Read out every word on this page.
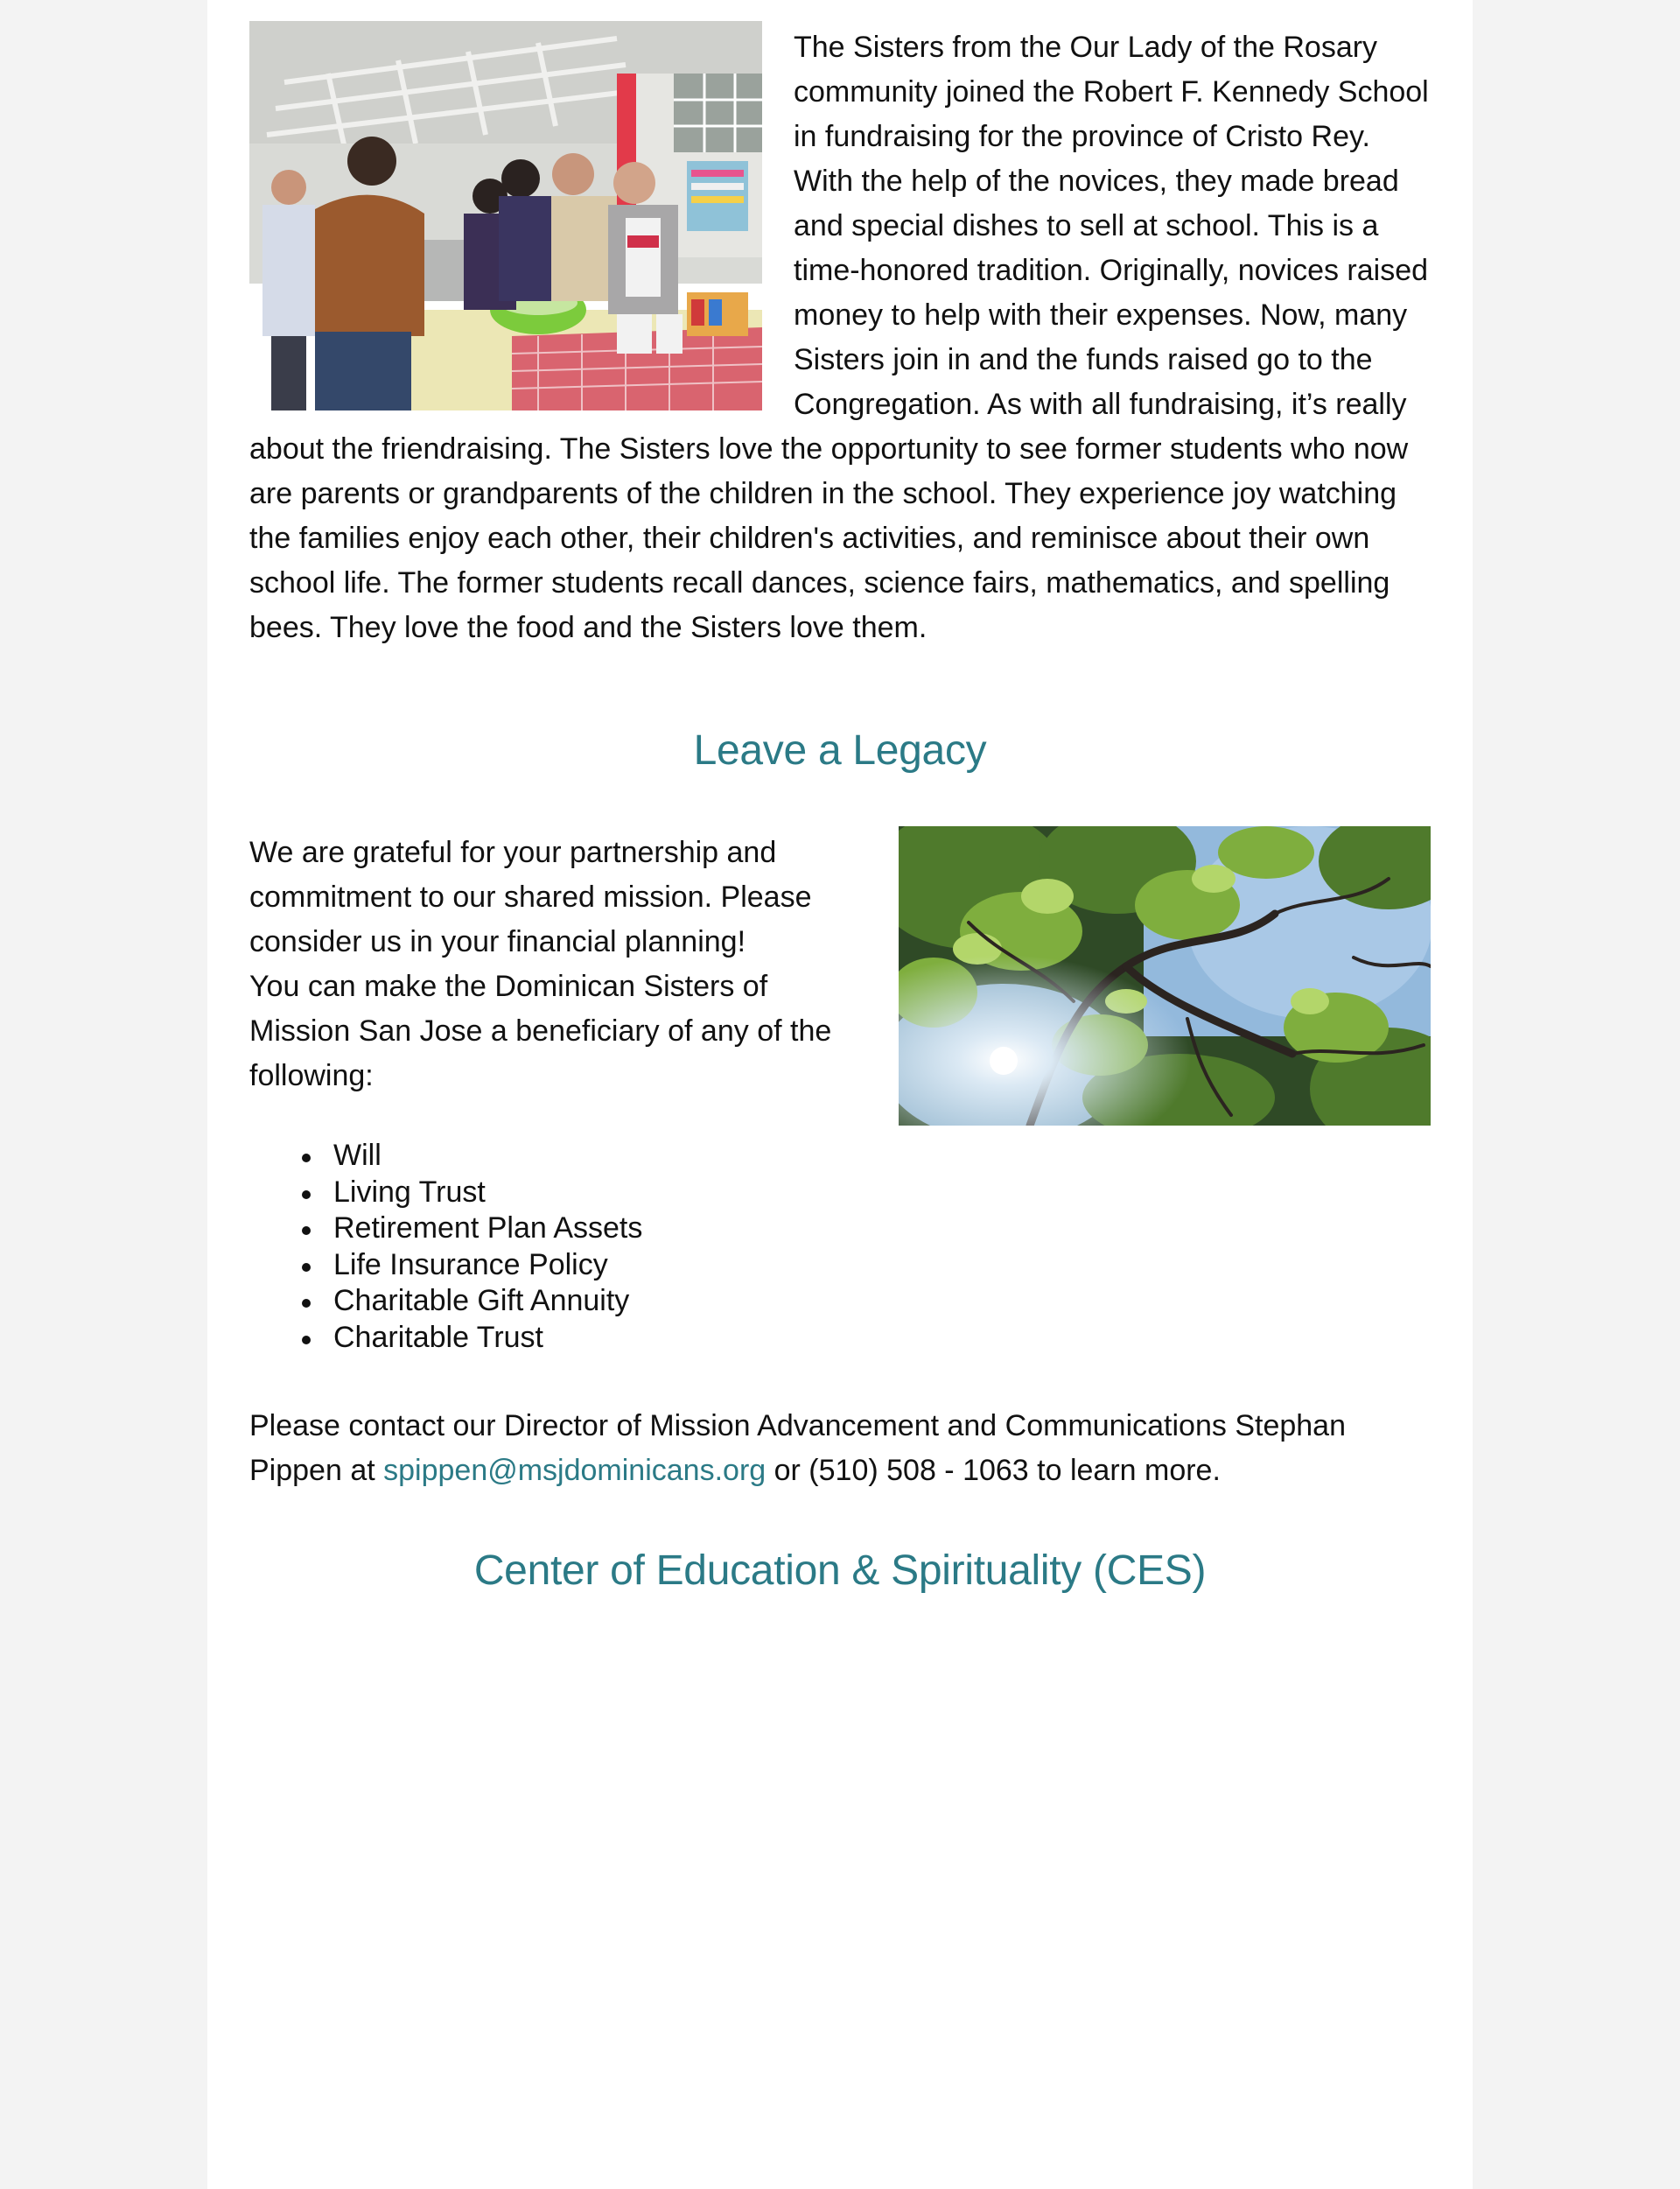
The Sisters from the Our Lady of the Rosary community joined the Robert F. Kennedy School in fundraising for the province of Cristo Rey. With the help of the novices, they made bread and special dishes to sell at school. This is a time-honored tradition. Originally, novices raised money to help with their expenses. Now, many Sisters join in and the funds raised go to the Congregation. As with all fundraising, it’s really about the friendraising. The Sisters love the opportunity to see former students who now are parents or grandparents of the children in the school. They experience joy watching the families enjoy each other, their children's activities, and reminisce about their own school life. The former students recall dances, science fairs, mathematics, and spelling bees. They love the food and the Sisters love them.

Leave a Legacy

We are grateful for your partnership and commitment to our shared mission. Please consider us in your financial planning!

You can make the Dominican Sisters of Mission San Jose a beneficiary of any of the following:

Will
Living Trust
Retirement Plan Assets
Life Insurance Policy
Charitable Gift Annuity
Charitable Trust

Please contact our Director of Mission Advancement and Communications Stephan Pippen at spippen@msjdominicans.org or (510) 508 - 1063 to learn more.

Center of Education & Spirituality (CES)
